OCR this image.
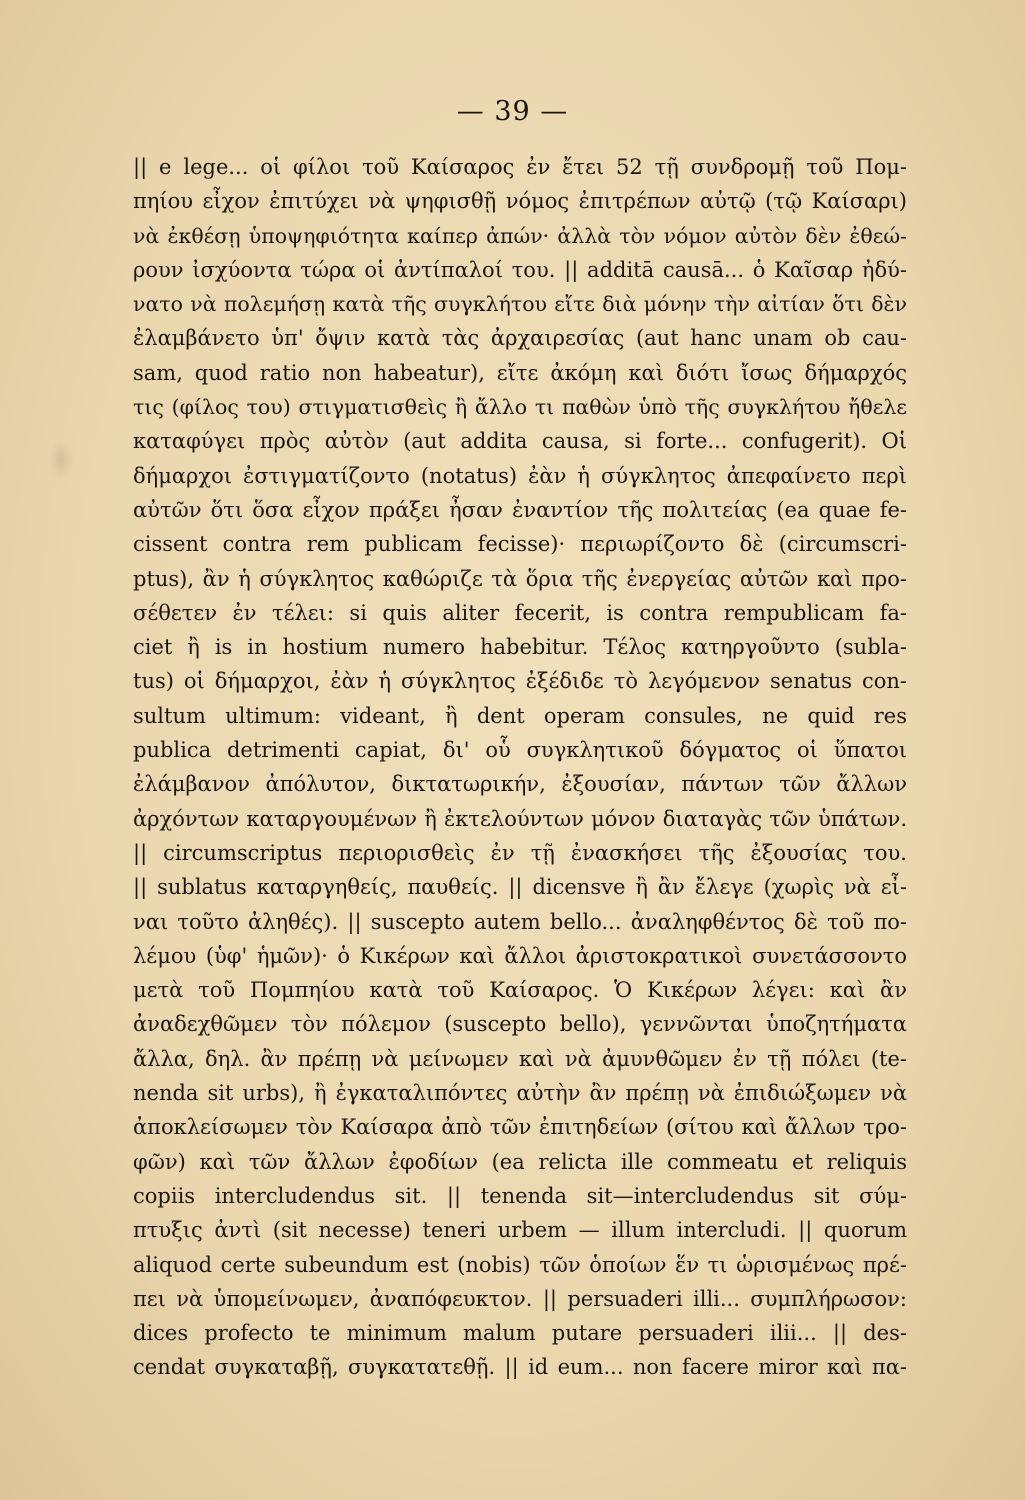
— 39 —
|| e lege... οἱ φίλοι τοῦ Καίσαρος ἐν ἔτει 52 τῇ συνδρομῇ τοῦ Πομ-
πηίου εἶχον ἐπιτύχει νὰ ψηφισθῇ νόμος ἐπιτρέπων αὐτῷ (τῷ Καίσαρι)
νὰ ἐκθέσῃ ὑποψηφιότητα καίπερ ἀπών· ἀλλὰ τὸν νόμον αὐτὸν δὲν ἐθεώ-
ρουν ἰσχύοντα τώρα οἱ ἀντίπαλοί του. || additā causā... ὁ Καῖσαρ ἠδύ-
νατο νὰ πολεμήσῃ κατὰ τῆς συγκλήτου εἴτε διὰ μόνην τὴν αἰτίαν ὅτι δὲν
ἐλαμβάνετο ὑπ' ὄψιν κατὰ τὰς ἀρχαιρεσίας (aut hanc unam ob cau-
sam, quod ratio non habeatur), εἴτε ἀκόμη καὶ διότι ἴσως δήμαρχός
τις (φίλος του) στιγματισθεὶς ἢ ἄλλο τι παθὼν ὑπὸ τῆς συγκλήτου ἤθελε
καταφύγει πρὸς αὐτὸν (aut addita causa, si forte... confugerit). Οἱ
δήμαρχοι ἐστιγματίζοντο (notatus) ἐὰν ἡ σύγκλητος ἀπεφαίνετο περὶ
αὐτῶν ὅτι ὅσα εἶχον πράξει ἦσαν ἐναντίον τῆς πολιτείας (ea quae fe-
cissent contra rem publicam fecisse)· περιωρίζοντο δὲ (circumscri-
ptus), ἂν ἡ σύγκλητος καθώριζε τὰ ὅρια τῆς ἐνεργείας αὐτῶν καὶ προ-
σέθετεν ἐν τέλει: si quis aliter fecerit, is contra rempublicam fa-
ciet ἢ is in hostium numero habebitur. Τέλος κατηργοῦντο (subla-
tus) οἱ δήμαρχοι, ἐὰν ἡ σύγκλητος ἐξέδιδε τὸ λεγόμενον senatus con-
sultum ultimum: videant, ἢ dent operam consules, ne quid res
publica detrimenti capiat, δι' οὗ συγκλητικοῦ δόγματος οἱ ὕπατοι
ἐλάμβανον ἀπόλυτον, δικτατωρικήν, ἐξουσίαν, πάντων τῶν ἄλλων
ἀρχόντων καταργουμένων ἢ ἐκτελούντων μόνον διαταγὰς τῶν ὑπάτων.
|| circumscriptus περιορισθεὶς ἐν τῇ ἐνασκήσει τῆς ἐξουσίας του.
|| sublatus καταργηθείς, παυθείς. || dicensve ἢ ἂν ἔλεγε (χωρὶς νὰ εἶ-
ναι τοῦτο ἀληθές). || suscepto autem bello... ἀναληφθέντος δὲ τοῦ πο-
λέμου (ὑφ' ἡμῶν)· ὁ Κικέρων καὶ ἄλλοι ἀριστοκρατικοὶ συνετάσσοντο
μετὰ τοῦ Πομπηίου κατὰ τοῦ Καίσαρος. Ὁ Κικέρων λέγει: καὶ ἂν
ἀναδεχθῶμεν τὸν πόλεμον (suscepto bello), γεννῶνται ὑποζητήματα
ἄλλα, δηλ. ἂν πρέπῃ νὰ μείνωμεν καὶ νὰ ἀμυνθῶμεν ἐν τῇ πόλει (te-
nenda sit urbs), ἢ ἐγκαταλιπόντες αὐτὴν ἂν πρέπῃ νὰ ἐπιδιώξωμεν νὰ
ἀποκλείσωμεν τὸν Καίσαρα ἀπὸ τῶν ἐπιτηδείων (σίτου καὶ ἄλλων τρο-
φῶν) καὶ τῶν ἄλλων ἐφοδίων (ea relicta ille commeatu et reliquis
copiis intercludendus sit. || tenenda sit—intercludendus sit σύμ-
πτυξις ἀντὶ (sit necesse) teneri urbem — illum intercludi. || quorum
aliquod certe subeundum est (nobis) τῶν ὁποίων ἕν τι ὡρισμένως πρέ-
πει νὰ ὑπομείνωμεν, ἀναπόφευκτον. || persuaderi illi... συμπλήρωσον:
dices profecto te minimum malum putare persuaderi ilii... || des-
cendat συγκαταβῇ, συγκατατεθῇ. || id eum... non facere miror καὶ πα-
